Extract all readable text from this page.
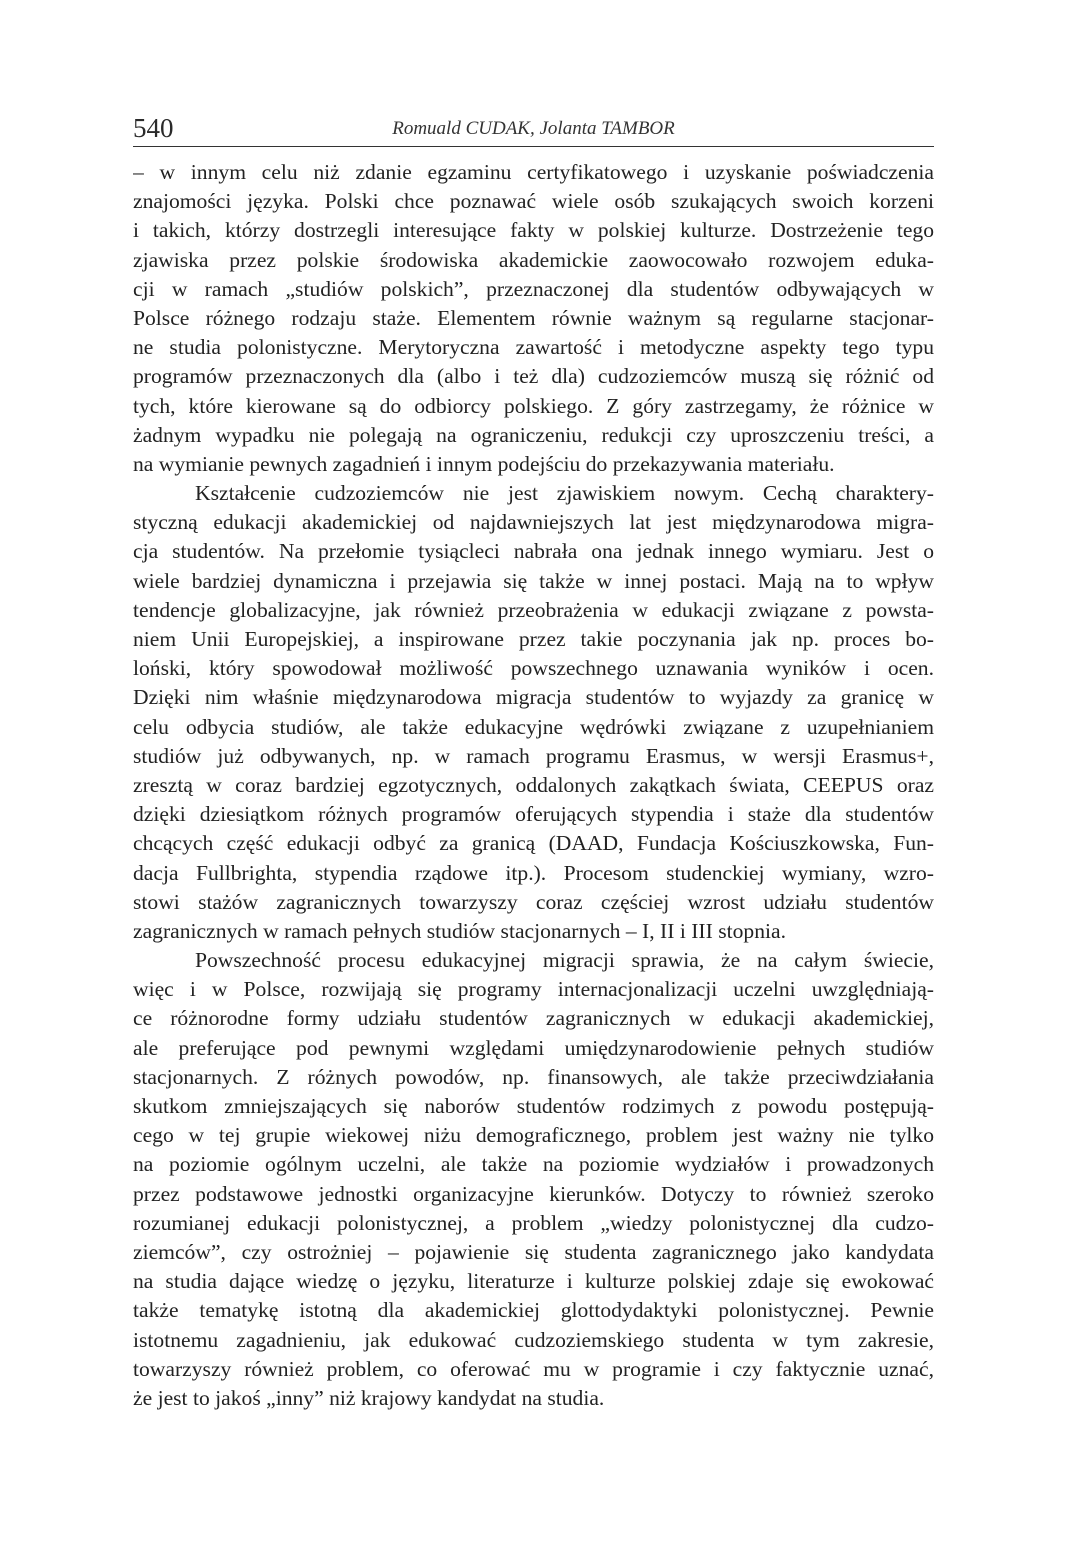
540	Romuald CUDAK, Jolanta TAMBOR

– w innym celu niż zdanie egzaminu certyfikatowego i uzyskanie poświadczenia
znajomości języka. Polski chce poznawać wiele osób szukających swoich korzeni
i takich, którzy dostrzegli interesujące fakty w polskiej kulturze. Dostrzeżenie tego
zjawiska przez polskie środowiska akademickie zaowocowało rozwojem eduka-
cji w ramach „studiów polskich”, przeznaczonej dla studentów odbywających w
Polsce różnego rodzaju staże. Elementem równie ważnym są regularne stacjonar-
ne studia polonistyczne. Merytoryczna zawartość i metodyczne aspekty tego typu
programów przeznaczonych dla (albo i też dla) cudzoziemców muszą się różnić od
tych, które kierowane są do odbiorcy polskiego. Z góry zastrzegamy, że różnice w
żadnym wypadku nie polegają na ograniczeniu, redukcji czy uproszczeniu treści, a
na wymianie pewnych zagadnień i innym podejściu do przekazywania materiału.

Kształcenie cudzoziemców nie jest zjawiskiem nowym. Cechą charaktery-
styczną edukacji akademickiej od najdawniejszych lat jest międzynarodowa migra-
cja studentów. Na przełomie tysiącleci nabrała ona jednak innego wymiaru. Jest o
wiele bardziej dynamiczna i przejawia się także w innej postaci. Mają na to wpływ
tendencje globalizacyjne, jak również przeobrażenia w edukacji związane z powsta-
niem Unii Europejskiej, a inspirowane przez takie poczynania jak np. proces bo-
loński, który spowodował możliwość powszechnego uznawania wyników i ocen.
Dzięki nim właśnie międzynarodowa migracja studentów to wyjazdy za granicę w
celu odbycia studiów, ale także edukacyjne wędrówki związane z uzupełnianiem
studiów już odbywanych, np. w ramach programu Erasmus, w wersji Erasmus+,
zresztą w coraz bardziej egzotycznych, oddalonych zakątkach świata, CEEPUS oraz
dzięki dziesiątkom różnych programów oferujących stypendia i staże dla studentów
chcących część edukacji odbyć za granicą (DAAD, Fundacja Kościuszkowska, Fun-
dacja Fullbrighta, stypendia rządowe itp.). Procesom studenckiej wymiany, wzro-
stowi stażów zagranicznych towarzyszy coraz częściej wzrost udziału studentów
zagranicznych w ramach pełnych studiów stacjonarnych – I, II i III stopnia.

Powszechność procesu edukacyjnej migracji sprawia, że na całym świecie,
więc i w Polsce, rozwijają się programy internacjonalizacji uczelni uwzględniają-
ce różnorodne formy udziału studentów zagranicznych w edukacji akademickiej,
ale preferujące pod pewnymi względami umiędzynarodowienie pełnych studiów
stacjonarnych. Z różnych powodów, np. finansowych, ale także przeciwdziałania
skutkom zmniejszających się naborów studentów rodzimych z powodu postępują-
cego w tej grupie wiekowej niżu demograficznego, problem jest ważny nie tylko
na poziomie ogólnym uczelni, ale także na poziomie wydziałów i prowadzonych
przez podstawowe jednostki organizacyjne kierunków. Dotyczy to również szeroko
rozumianej edukacji polonistycznej, a problem „wiedzy polonistycznej dla cudzo-
ziemców”, czy ostrożniej – pojawienie się studenta zagranicznego jako kandydata
na studia dające wiedzę o języku, literaturze i kulturze polskiej zdaje się ewokować
także tematykę istotną dla akademickiej glottodydaktyki polonistycznej. Pewnie
istotnemu zagadnieniu, jak edukować cudzoziemskiego studenta w tym zakresie,
towarzyszy również problem, co oferować mu w programie i czy faktycznie uznać,
że jest to jakoś „inny” niż krajowy kandydat na studia.
